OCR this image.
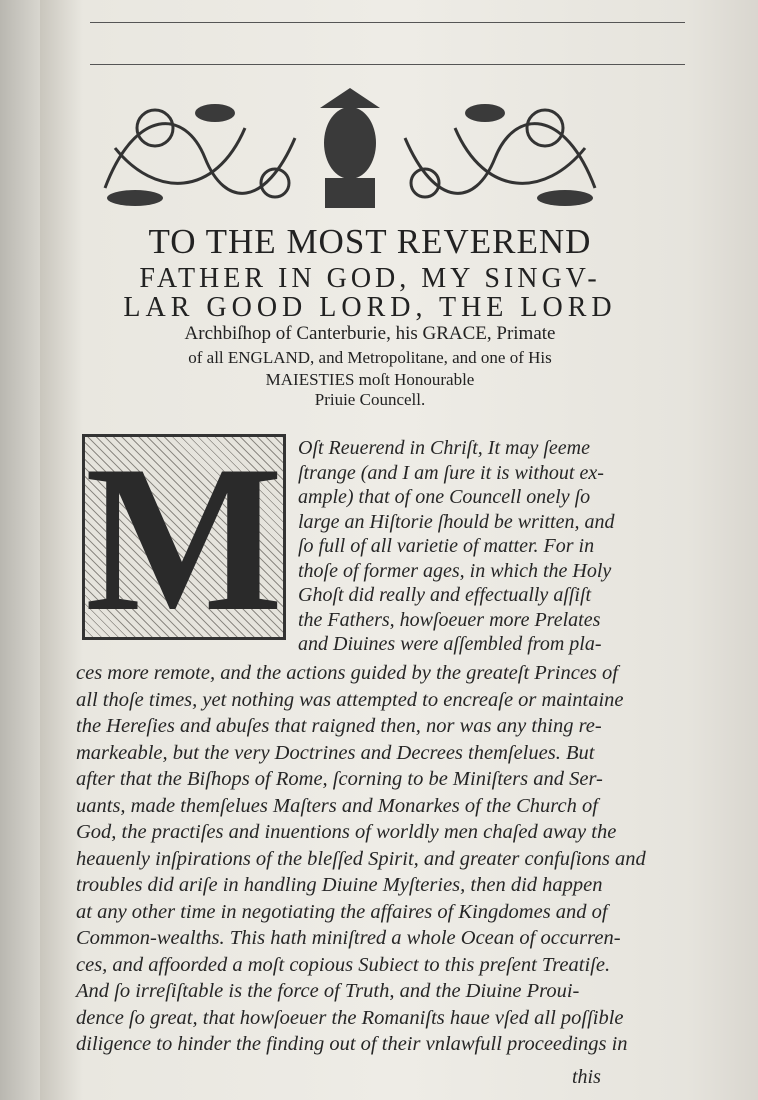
TO THE MOST REVEREND
FATHER IN GOD, MY SINGV-
LAR GOOD LORD, THE LORD
Archbiſhop of Canterburie, his GRACE, Primate
of all ENGLAND, and Metropolitane, and one of His
MAIESTIES moſt Honourable
Priuie Councell.
M Oſt Reuerend in Chriſt, It may ſeeme
ſtrange (and I am ſure it is without ex-
ample) that of one Councell onely ſo
large an Hiſtorie ſhould be written, and
ſo full of all varietie of matter. For in
thoſe of former ages, in which the Holy
Ghoſt did really and effectually aſſiſt
the Fathers, howſoeuer more Prelates
and Diuines were aſſembled from pla-
ces more remote, and the actions guided by the greateſt Princes of
all thoſe times, yet nothing was attempted to encreaſe or maintaine
the Hereſies and abuſes that raigned then, nor was any thing re-
markeable, but the very Doctrines and Decrees themſelues. But
after that the Biſhops of Rome, ſcorning to be Miniſters and Ser-
uants, made themſelues Maſters and Monarkes of the Church of
God, the practiſes and inuentions of worldly men chaſed away the
heauenly inſpirations of the bleſſed Spirit, and greater confuſions and
troubles did ariſe in handling Diuine Myſteries, then did happen
at any other time in negotiating the affaires of Kingdomes and of
Common-wealths. This hath miniſtred a whole Ocean of occurren-
ces, and affoorded a moſt copious Subiect to this preſent Treatiſe.
And ſo irreſiſtable is the force of Truth, and the Diuine Proui-
dence ſo great, that howſoeuer the Romaniſts haue vſed all poſſible
diligence to hinder the finding out of their vnlawfull proceedings in
this
